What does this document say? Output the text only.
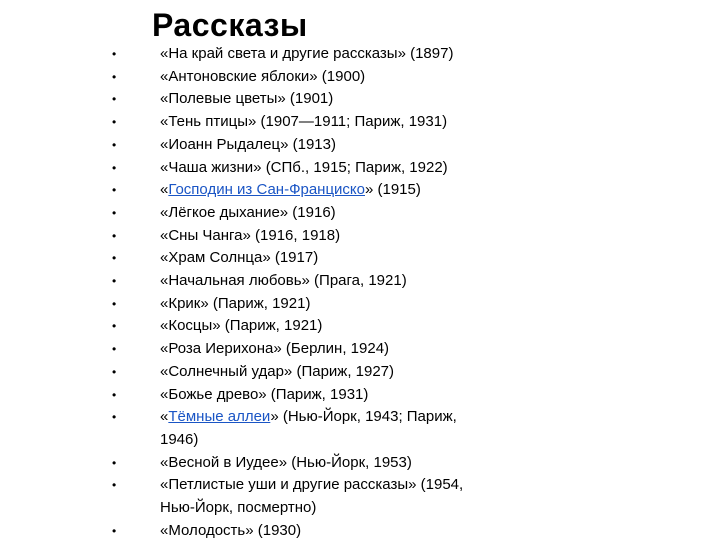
Рассказы
•	«На край света и другие рассказы» (1897)
•	«Антоновские яблоки» (1900)
•	«Полевые цветы» (1901)
•	«Тень птицы» (1907—1911; Париж, 1931)
•	«Иоанн Рыдалец» (1913)
•	«Чаша жизни» (СПб., 1915; Париж, 1922)
•	«Господин из Сан-Франциско» (1915)
•	«Лёгкое дыхание» (1916)
•	«Сны Чанга» (1916, 1918)
•	«Храм Солнца» (1917)
•	«Начальная любовь» (Прага, 1921)
•	«Крик» (Париж, 1921)
•	«Косцы» (Париж, 1921)
•	«Роза Иерихона» (Берлин, 1924)
•	«Солнечный удар» (Париж, 1927)
•	«Божье древо» (Париж, 1931)
•	«Тёмные аллеи» (Нью-Йорк, 1943; Париж, 1946)
•	«Весной в Иудее» (Нью-Йорк, 1953)
•	«Петлистые уши и другие рассказы» (1954, Нью-Йорк, посмертно)
•	«Молодость» (1930)
